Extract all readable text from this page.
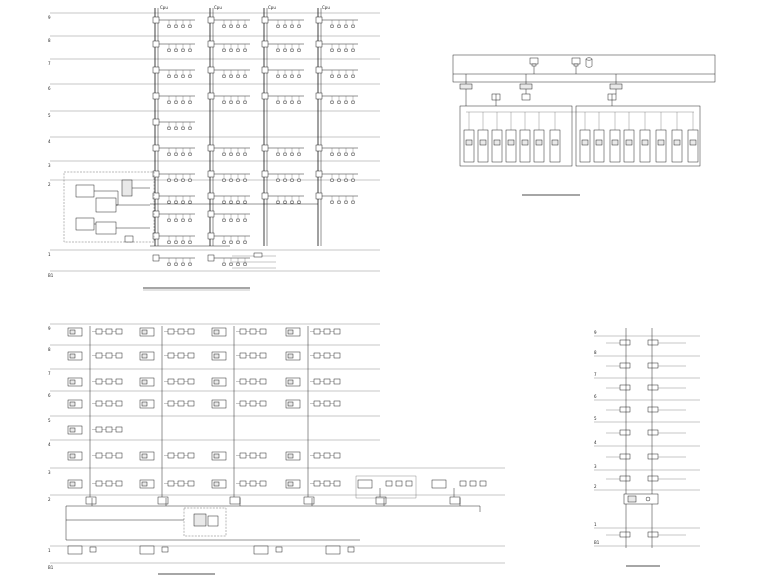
9
8
7
6
5
4
3
2
1
B1
Cpu	Cpu	Cpu	Cpu
9
8
7
6
5
4
3
2
1
B1
9
8
7
6
5
4
3
2
1
B1
